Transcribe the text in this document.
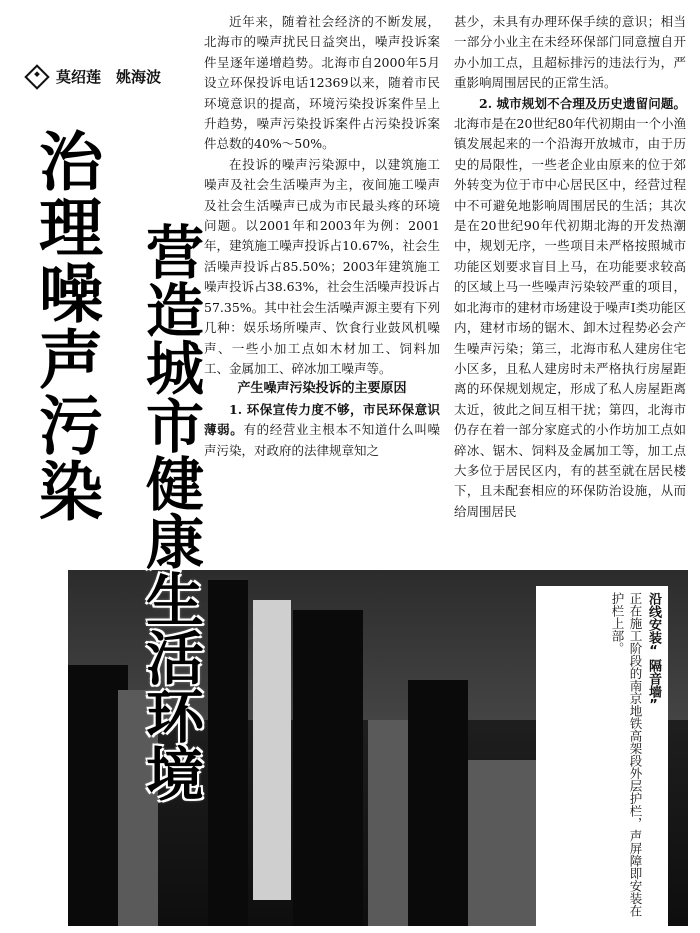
莫绍莲　姚海波
治理噪声污染
沿线安装“隔音墙”
正在施工阶段的南京地铁高架段外层护栏，声屏障即安装在护栏上部。
营造城市健康生活环境

近年来，随着社会经济的不断发展，北海市的噪声扰民日益突出，噪声投诉案件呈逐年递增趋势。北海市自2000年5月设立环保投诉电话12369以来，随着市民环境意识的提高，环境污染投诉案件呈上升趋势，噪声污染投诉案件占污染投诉案件总数的40%～50%。

在投诉的噪声污染源中，以建筑施工噪声及社会生活噪声为主，夜间施工噪声及社会生活噪声已成为市民最头疼的环境问题。以2001年和2003年为例：2001年，建筑施工噪声投诉占10.67%，社会生活噪声投诉占85.50%；2003年建筑施工噪声投诉占38.63%，社会生活噪声投诉占57.35%。其中社会生活噪声源主要有下列几种：娱乐场所噪声、饮食行业鼓风机噪声、一些小加工点如木材加工、饲料加工、金属加工、碎冰加工噪声等。

产生噪声污染投诉的主要原因

1. 环保宣传力度不够，市民环保意识薄弱。有的经营业主根本不知道什么叫噪声污染，对政府的法律规章知之

甚少，未具有办理环保手续的意识；相当一部分小业主在未经环保部门同意擅自开办小加工点，且超标排污的违法行为，严重影响周围居民的正常生活。

2. 城市规划不合理及历史遗留问题。北海市是在20世纪80年代初期由一个小渔镇发展起来的一个沿海开放城市，由于历史的局限性，一些老企业由原来的位于郊外转变为位于市中心居民区中，经营过程中不可避免地影响周围居民的生活；其次是在20世纪90年代初期北海的开发热潮中，规划无序，一些项目未严格按照城市功能区划要求盲目上马，在功能要求较高的区域上马一些噪声污染较严重的项目，如北海市的建材市场建设于噪声Ⅰ类功能区内，建材市场的锯木、卸木过程势必会产生噪声污染；第三，北海市私人建房住宅小区多，且私人建房时未严格执行房屋距离的环保规划规定，形成了私人房屋距离太近，彼此之间互相干扰；第四，北海市仍存在着一部分家庭式的小作坊加工点如碎冰、锯木、饲料及金属加工等，加工点大多位于居民区内，有的甚至就在居民楼下，且未配套相应的环保防治设施，从而给周围居民
